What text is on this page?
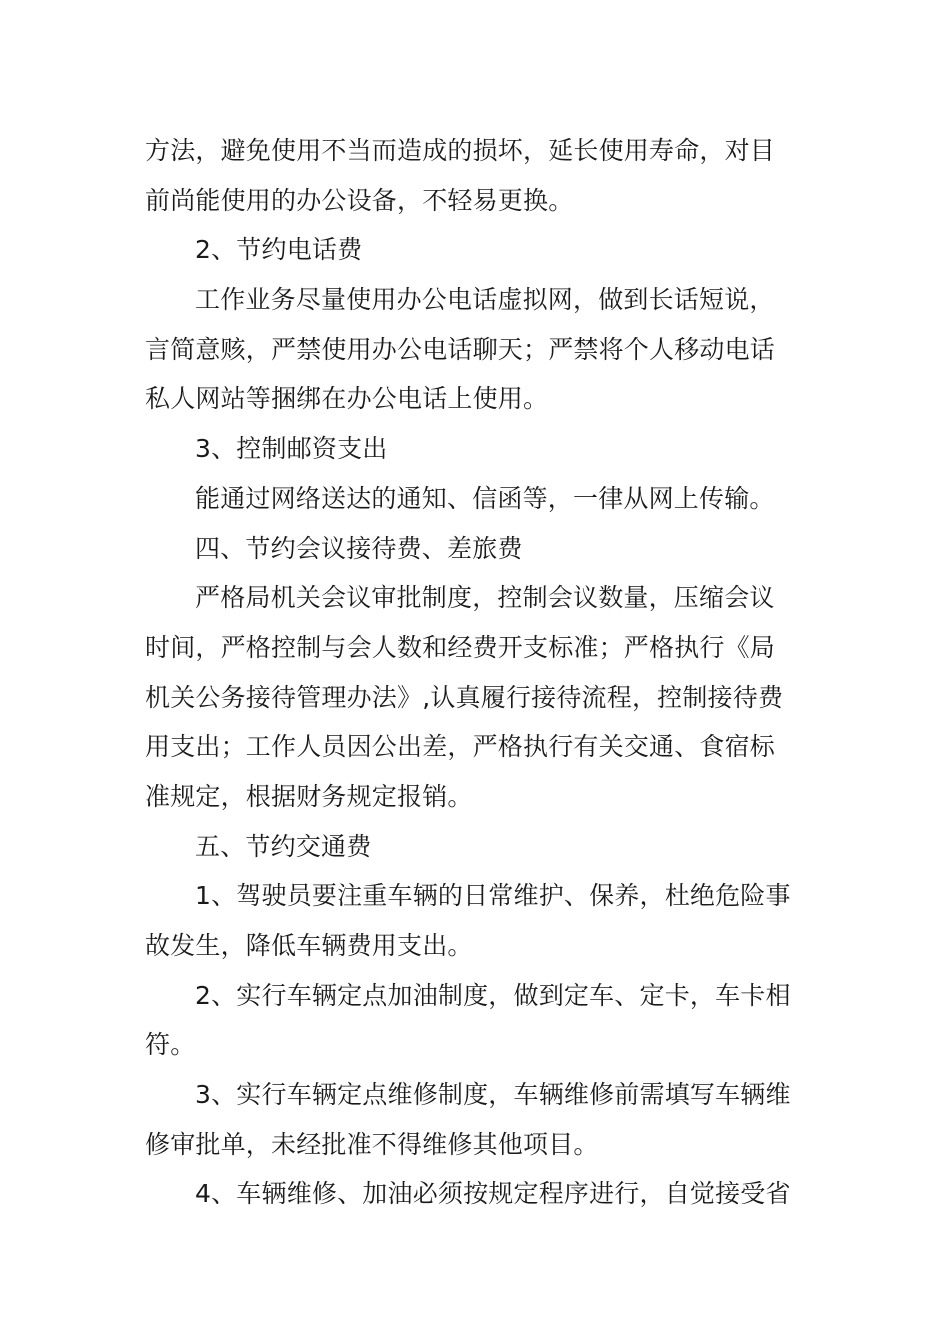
方法，避免使用不当而造成的损坏，延长使用寿命，对目
前尚能使用的办公设备，不轻易更换。
2、节约电话费
工作业务尽量使用办公电话虚拟网，做到长话短说，
言简意赅，严禁使用办公电话聊天；严禁将个人移动电话
私人网站等捆绑在办公电话上使用。
3、控制邮资支出
能通过网络送达的通知、信函等，一律从网上传输。
四、节约会议接待费、差旅费
严格局机关会议审批制度，控制会议数量，压缩会议
时间，严格控制与会人数和经费开支标准；严格执行《局
机关公务接待管理办法》,认真履行接待流程，控制接待费
用支出；工作人员因公出差，严格执行有关交通、食宿标
准规定，根据财务规定报销。
五、节约交通费
1、驾驶员要注重车辆的日常维护、保养，杜绝危险事
故发生，降低车辆费用支出。
2、实行车辆定点加油制度，做到定车、定卡，车卡相
符。
3、实行车辆定点维修制度，车辆维修前需填写车辆维
修审批单，未经批准不得维修其他项目。
4、车辆维修、加油必须按规定程序进行，自觉接受省
